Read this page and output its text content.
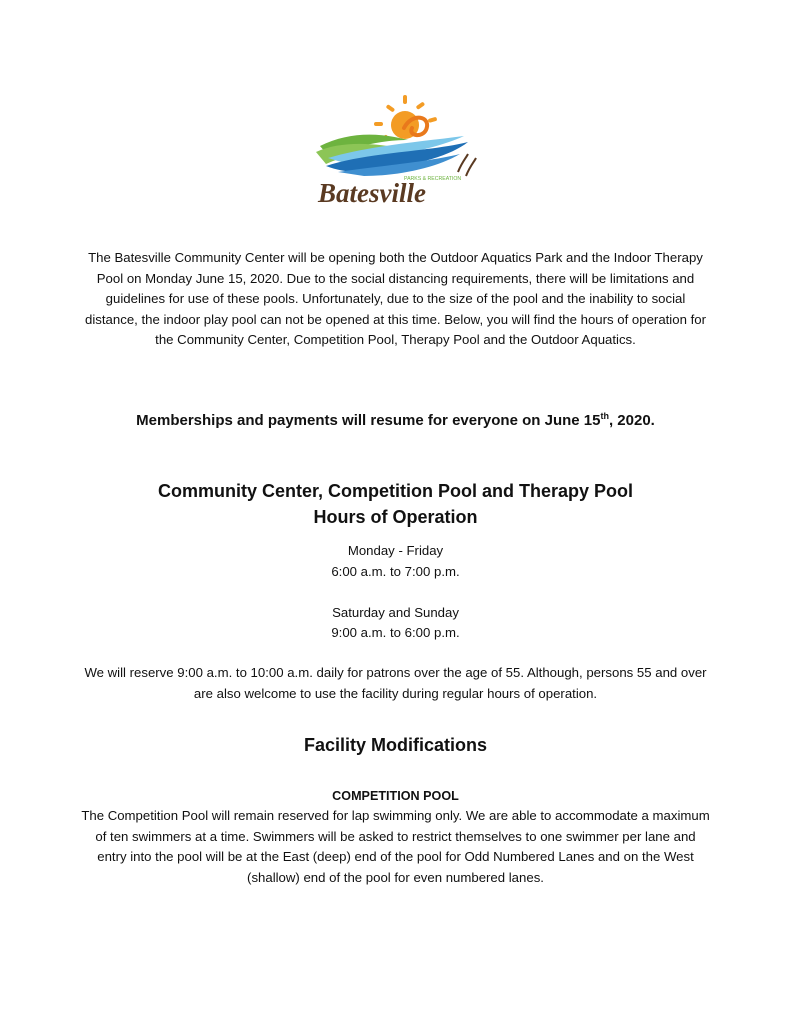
PARKS & RECREATION
Batesville
The Batesville Community Center will be opening both the Outdoor Aquatics Park and the Indoor Therapy Pool on Monday June 15, 2020. Due to the social distancing requirements, there will be limitations and guidelines for use of these pools. Unfortunately, due to the size of the pool and the inability to social distance, the indoor play pool can not be opened at this time. Below, you will find the hours of operation for the Community Center, Competition Pool, Therapy Pool and the Outdoor Aquatics.
Memberships and payments will resume for everyone on June 15th, 2020.
Community Center, Competition Pool and Therapy Pool
Hours of Operation
Monday - Friday
6:00 a.m. to 7:00 p.m.
Saturday and Sunday
9:00 a.m. to 6:00 p.m.
We will reserve 9:00 a.m. to 10:00 a.m. daily for patrons over the age of 55. Although, persons 55 and over are also welcome to use the facility during regular hours of operation.
Facility Modifications
COMPETITION POOL
The Competition Pool will remain reserved for lap swimming only. We are able to accommodate a maximum of ten swimmers at a time. Swimmers will be asked to restrict themselves to one swimmer per lane and entry into the pool will be at the East (deep) end of the pool for Odd Numbered Lanes and on the West (shallow) end of the pool for even numbered lanes.
